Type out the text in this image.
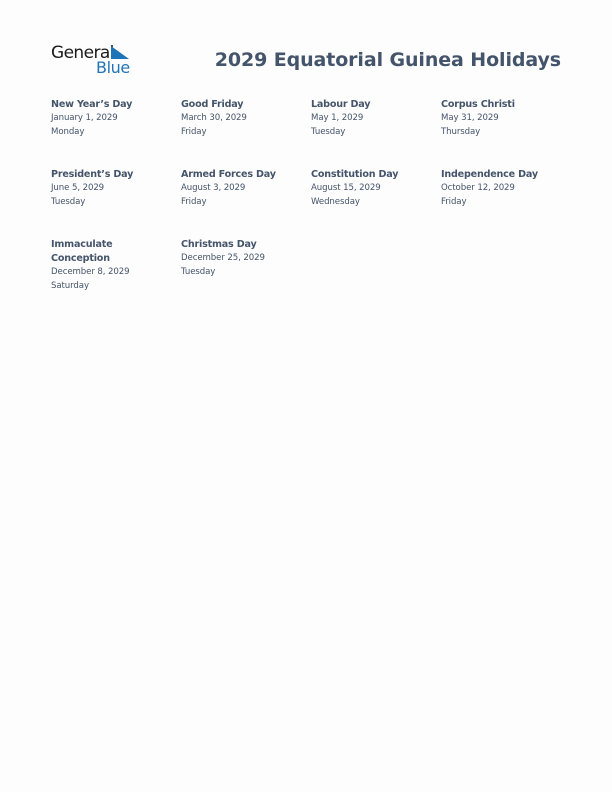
General
Blue	2029 Equatorial Guinea Holidays
New Year’s Day
January 1, 2029
Monday
Good Friday
March 30, 2029
Friday
Labour Day
May 1, 2029
Tuesday
Corpus Christi
May 31, 2029
Thursday
President’s Day
June 5, 2029
Tuesday
Armed Forces Day
August 3, 2029
Friday
Constitution Day
August 15, 2029
Wednesday
Independence Day
October 12, 2029
Friday
Immaculate Conception
December 8, 2029
Saturday
Christmas Day
December 25, 2029
Tuesday
